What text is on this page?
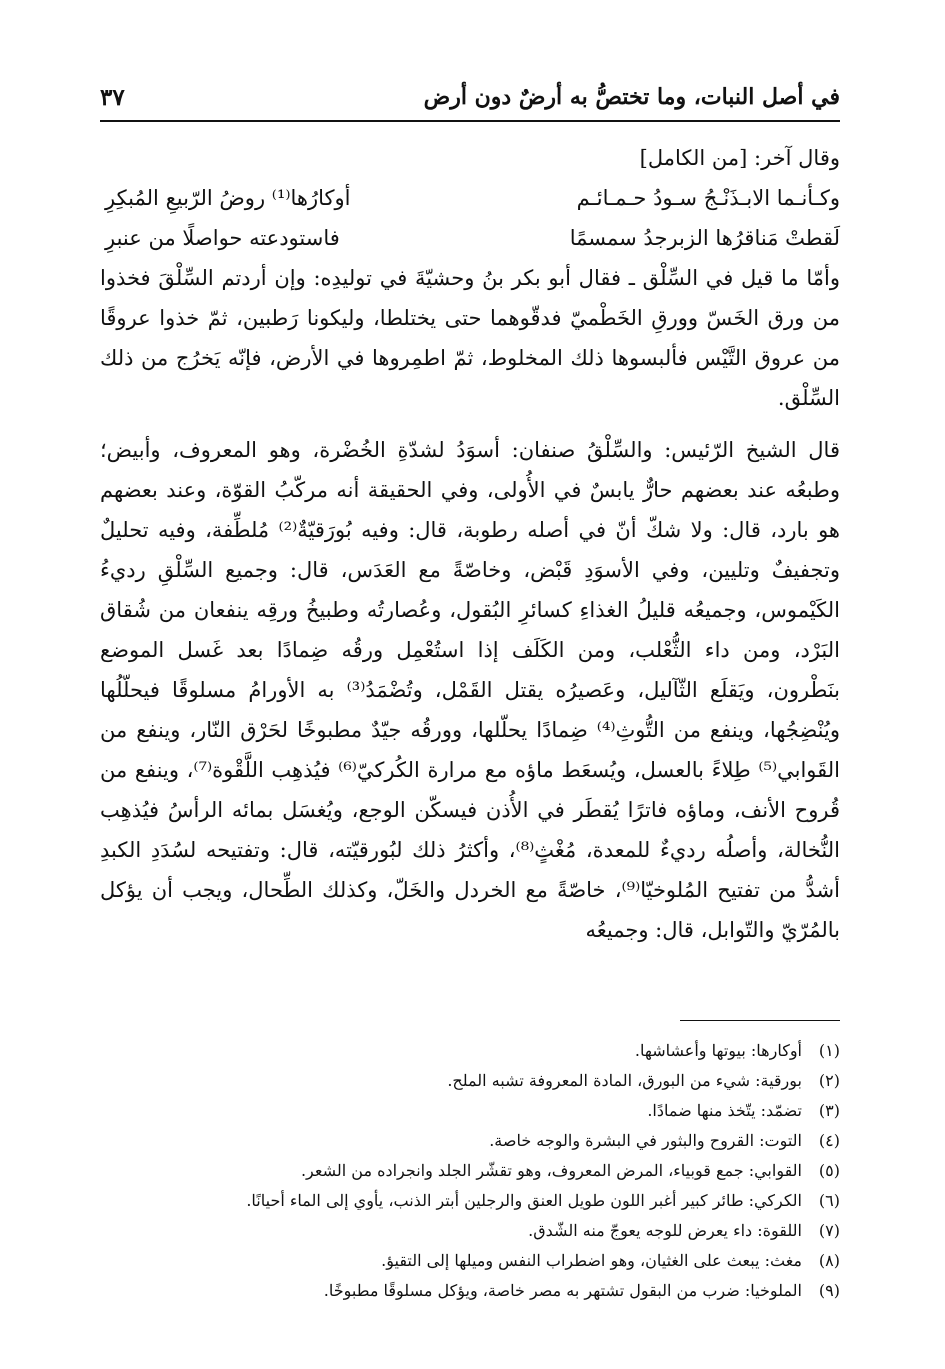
في أصل النبات، وما تختصُّ به أرضٌ دون أرض
٣٧

وقال آخر: [من الكامل]

وكـأنـما الابـذَنْـجُ سـودُ حـمـائـم
أوكارُها⁽¹⁾ روضُ الرّبيعِ المُبكِرِ
لَقطتْ مَناقرُها الزبرجدُ سمسمًا
فاستودعته حواصلًا من عنبرِ

وأمّا ما قيل في السِّلْق ـ فقال أبو بكر بنُ وحشيّةَ في توليدِه: وإن أردتم السِّلْقَ فخذوا من ورق الخَسّ وورقِ الخَطْميّ فدقّوهما حتى يختلطا، وليكونا رَطبين، ثمّ خذوا عروقًا من عروق التَّيْس فألبسوها ذلك المخلوط، ثمّ اطمِروها في الأرض، فإنّه يَخرُج من ذلك السِّلْق.

قال الشيخ الرّئيس: والسِّلْقُ صنفان: أسوَدُ لشدّةِ الخُضْرة، وهو المعروف، وأبيض؛ وطبعُه عند بعضهم حارٌّ يابسٌ في الأُولى، وفي الحقيقة أنه مركّبُ القوّة، وعند بعضهم هو بارد، قال: ولا شكّ أنّ في أصله رطوبة، قال: وفيه بُورَقيّةٌ⁽²⁾ مُلطِّفة، وفيه تحليلٌ وتجفيفٌ وتليين، وفي الأسوَدِ قَبْض، وخاصّةً مع العَدَس، قال: وجميع السِّلْقِ رديءُ الكَيْموس، وجميعُه قليلُ الغذاءِ كسائرِ البُقول، وعُصارتُه وطبيخُ ورقِه ينفعان من شُقاق البَرْد، ومن داء الثُّعْلب، ومن الكَلَف إذا استُعْمِل ورقُه ضِمادًا بعد غَسل الموضع بنَطْرون، ويَقلَع الثّآليل، وعَصيرُه يقتل القَمْل، وتُضْمَدُ⁽³⁾ به الأورامُ مسلوقًا فيحلّلُها ويُنْضِجُها، وينفع من التُّوثِ⁽⁴⁾ ضِمادًا يحلّلها، وورقُه جيّدٌ مطبوخًا لحَرْق النّار، وينفع من القَوابي⁽⁵⁾ طِلاءً بالعسل، ويُسعَط ماؤه مع مرارة الكُركيّ⁽⁶⁾ فيُذهِب اللَّقْوة⁽⁷⁾، وينفع من قُروح الأنف، وماؤه فاترًا يُقطَر في الأُذن فيسكّن الوجع، ويُغسَل بمائه الرأسُ فيُذهِب النُّخالة، وأصلُه رديءٌ للمعدة، مُغْثٍ⁽⁸⁾، وأكثرُ ذلك لبُورقيّته، قال: وتفتيحه لسُدَدِ الكبدِ أشدُّ من تفتيح المُلوخيّا⁽⁹⁾، خاصّةً مع الخردل والخَلّ، وكذلك الطِّحال، ويجب أن يؤكل بالمُرّيّ والتّوابل، قال: وجميعُه

(١)أوكارها: بيوتها وأعشاشها.

(٢)بورقية: شيء من البورق، المادة المعروفة تشبه الملح.

(٣)تضمّد: يتّخذ منها ضمادًا.

(٤)التوت: القروح والبثور في البشرة والوجه خاصة.

(٥)القوابي: جمع قوبياء، المرض المعروف، وهو تقشّر الجلد وانجراده من الشعر.

(٦)الكركي: طائر كبير أغبر اللون طويل العنق والرجلين أبتر الذنب، يأوي إلى الماء أحيانًا.

(٧)اللقوة: داء يعرض للوجه يعوجّ منه الشّدق.

(٨)مغث: يبعث على الغثيان، وهو اضطراب النفس وميلها إلى التقيؤ.

(٩)الملوخيا: ضرب من البقول تشتهر به مصر خاصة، ويؤكل مسلوقًا مطبوخًا.
